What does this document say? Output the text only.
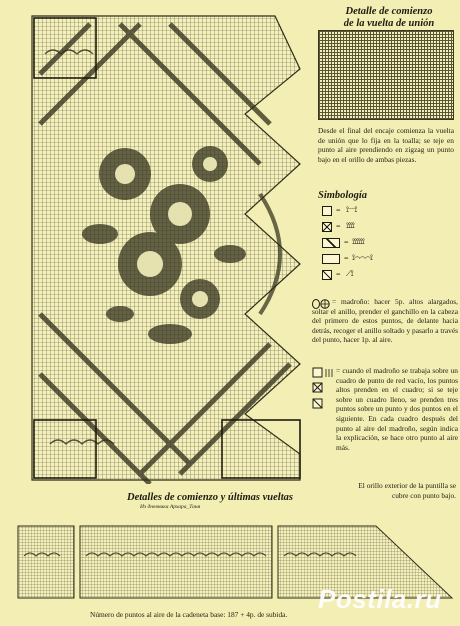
Detalle de comienzo
de la vuelta de unión
Desde el final del encaje comienza la vuelta de unión que lo fija en la toalla; se teje en punto al aire prendiendo en zigzag un punto bajo en el orillo de ambas piezas.
Simbología
= ⟟⁻⁻⟟
= ⟟⟟⟟⟟
= ⟟⟟⟟⟟⟟⟟
= ⟟⌒⌒⌒⟟
= ⟋⟟
= madroño: hacer 5p. altos alargados, soltar el anillo, prender el ganchillo en la cabeza del primero de estos puntos, de delante hacia detrás, recoger el anillo soltado y pasarlo a través del punto, hacer 1p. al aire.
= cuando el madroño se trabaja sobre un cuadro de punto de red vacío, los puntos altos prenden en el cuadro; si se teje sobre un cuadro lleno, se prenden tres puntos sobre un punto y dos puntos en el siguiente. En cada cuadro después del punto al aire del madroño, según indica la explicación, se hace otro punto al aire más.
Detalles de comienzo y últimas vueltas
Из дневника Архара_Таня
El orillo exterior de la puntilla se cubre con punto bajo.
Número de puntos al aire de la cadeneta base: 187 + 4p. de subida.
Postila.ru
